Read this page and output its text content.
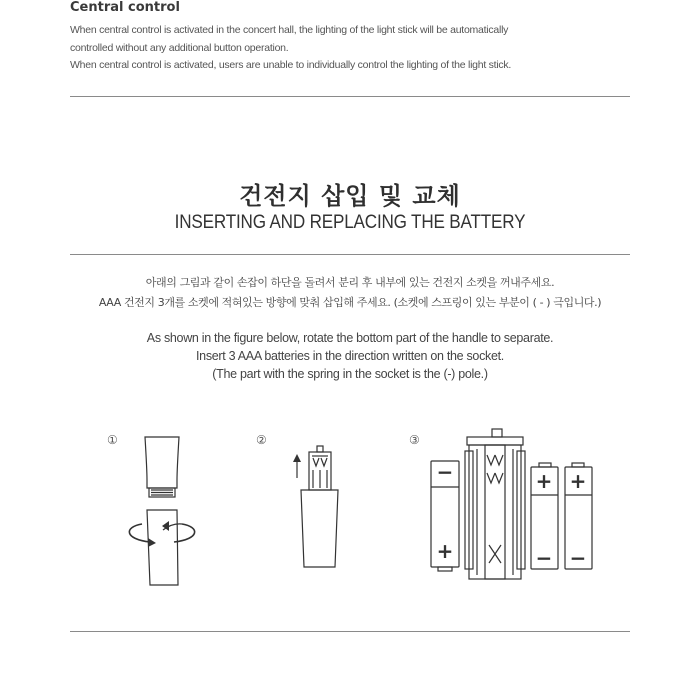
Central control

When central control is activated in the concert hall, the lighting of the light stick will be automatically

controlled without any additional button operation.

When central control is activated, users are unable to individually control the lighting of the light stick.

건전지 삽입 및 교체
INSERTING AND REPLACING THE BATTERY

아래의 그림과 같이 손잡이 하단을 돌려서 분리 후 내부에 있는 건전지 소켓을 꺼내주세요.

AAA 건전지 3개를 소켓에 적혀있는 방향에 맞춰 삽입해 주세요. (소켓에 스프링이 있는 부분이 ( - ) 극입니다.)

As shown in the figure below, rotate the bottom part of the handle to separate.

Insert 3 AAA batteries in the direction written on the socket.

(The part with the spring in the socket is the (-) pole.)

①	②	③
−
+
+
−
+
−
